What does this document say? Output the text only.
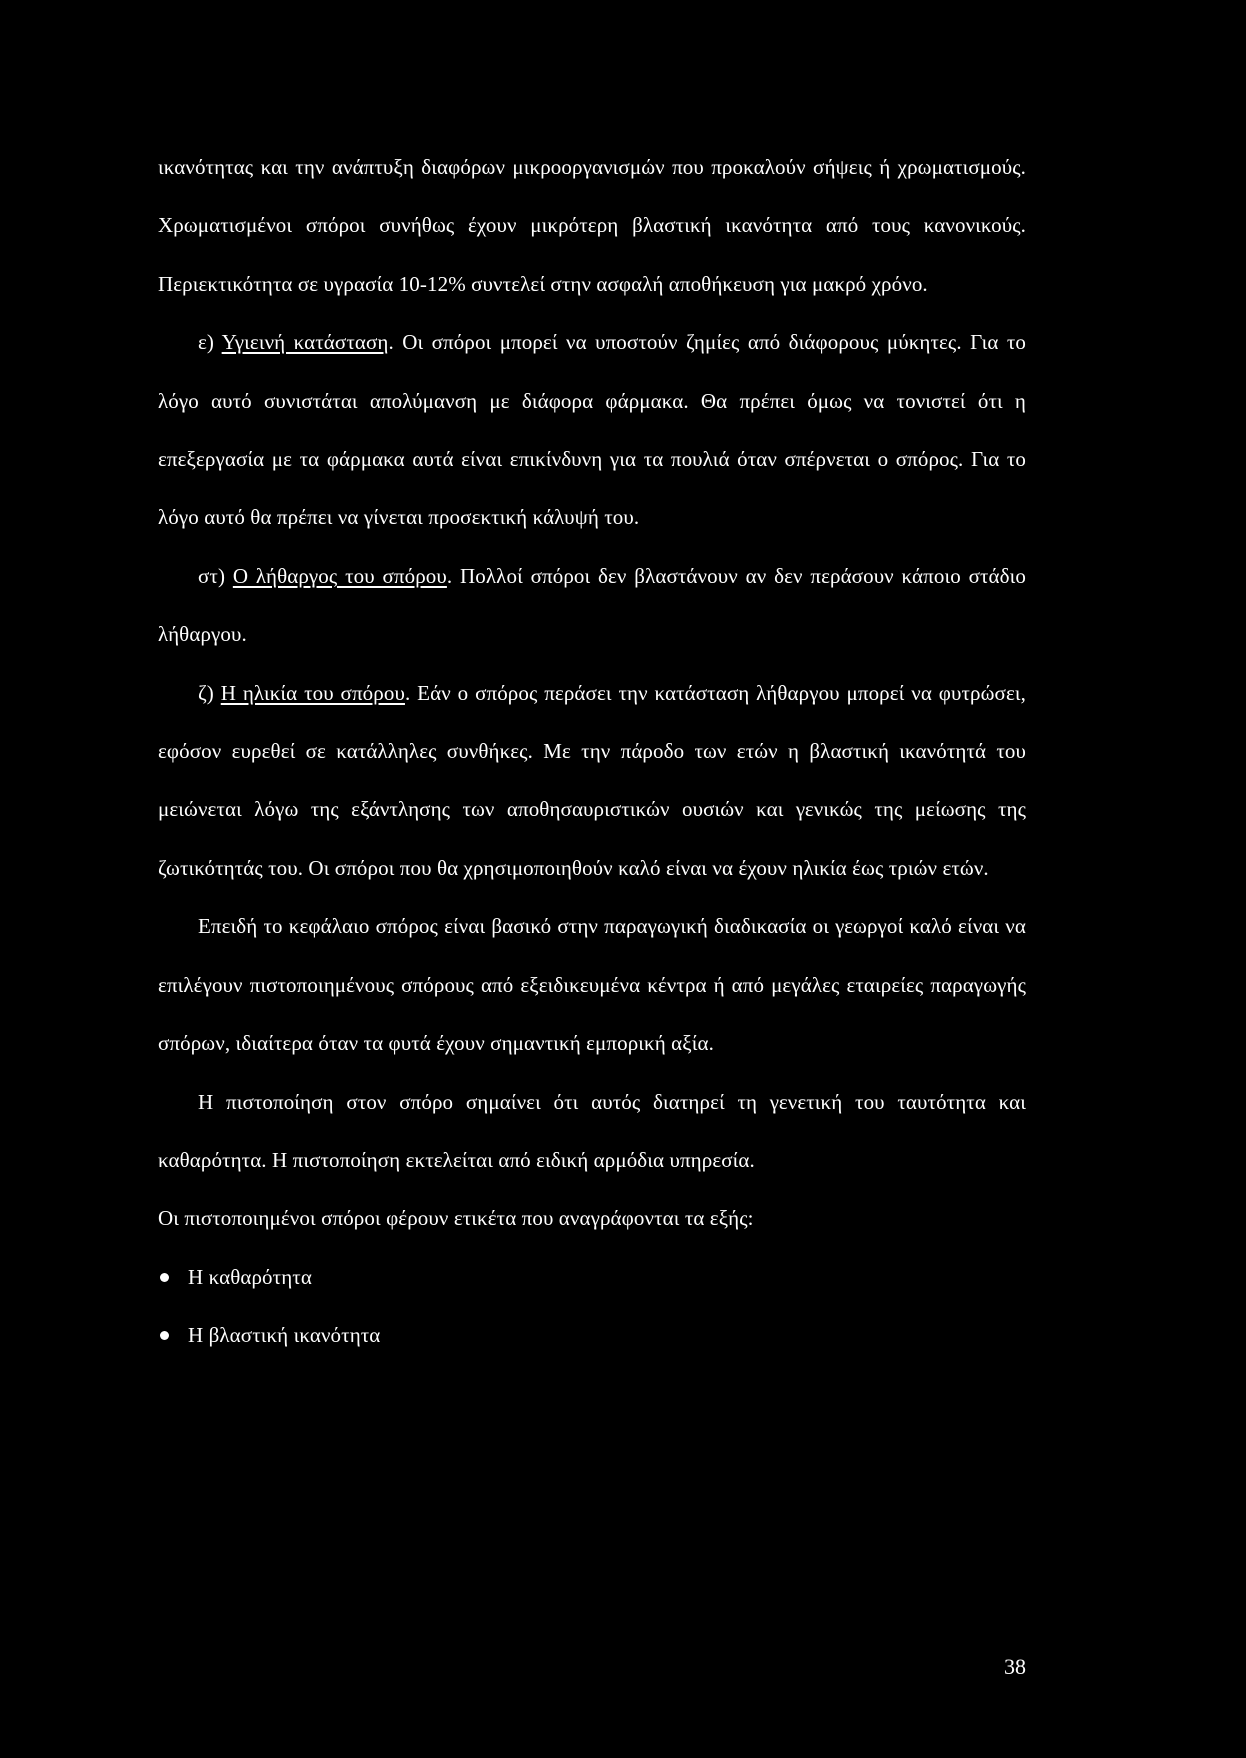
ικανότητας και την ανάπτυξη διαφόρων μικροοργανισμών που προκαλούν σήψεις ή χρωματισμούς. Χρωματισμένοι σπόροι συνήθως έχουν μικρότερη βλαστική ικανότητα από τους κανονικούς. Περιεκτικότητα σε υγρασία 10-12% συντελεί στην ασφαλή αποθήκευση για μακρό χρόνο.

ε) Υγιεινή κατάσταση. Οι σπόροι μπορεί να υποστούν ζημίες από διάφορους μύκητες. Για το λόγο αυτό συνιστάται απολύμανση με διάφορα φάρμακα. Θα πρέπει όμως να τονιστεί ότι η επεξεργασία με τα φάρμακα αυτά είναι επικίνδυνη για τα πουλιά όταν σπέρνεται ο σπόρος. Για το λόγο αυτό θα πρέπει να γίνεται προσεκτική κάλυψή του.

στ) Ο λήθαργος του σπόρου. Πολλοί σπόροι δεν βλαστάνουν αν δεν περάσουν κάποιο στάδιο λήθαργου.

ζ) Η ηλικία του σπόρου. Εάν ο σπόρος περάσει την κατάσταση λήθαργου μπορεί να φυτρώσει, εφόσον ευρεθεί σε κατάλληλες συνθήκες. Με την πάροδο των ετών η βλαστική ικανότητά του μειώνεται λόγω της εξάντλησης των αποθησαυριστικών ουσιών και γενικώς της μείωσης της ζωτικότητάς του. Οι σπόροι που θα χρησιμοποιηθούν καλό είναι να έχουν ηλικία έως τριών ετών.

Επειδή το κεφάλαιο σπόρος είναι βασικό στην παραγωγική διαδικασία οι γεωργοί καλό είναι να επιλέγουν πιστοποιημένους σπόρους από εξειδικευμένα κέντρα ή από μεγάλες εταιρείες παραγωγής σπόρων, ιδιαίτερα όταν τα φυτά έχουν σημαντική εμπορική αξία.

Η πιστοποίηση στον σπόρο σημαίνει ότι αυτός διατηρεί τη γενετική του ταυτότητα και καθαρότητα. Η πιστοποίηση εκτελείται από ειδική αρμόδια υπηρεσία.

Οι πιστοποιημένοι σπόροι φέρουν ετικέτα που αναγράφονται τα εξής:

Η καθαρότητα
Η βλαστική ικανότητα
38
